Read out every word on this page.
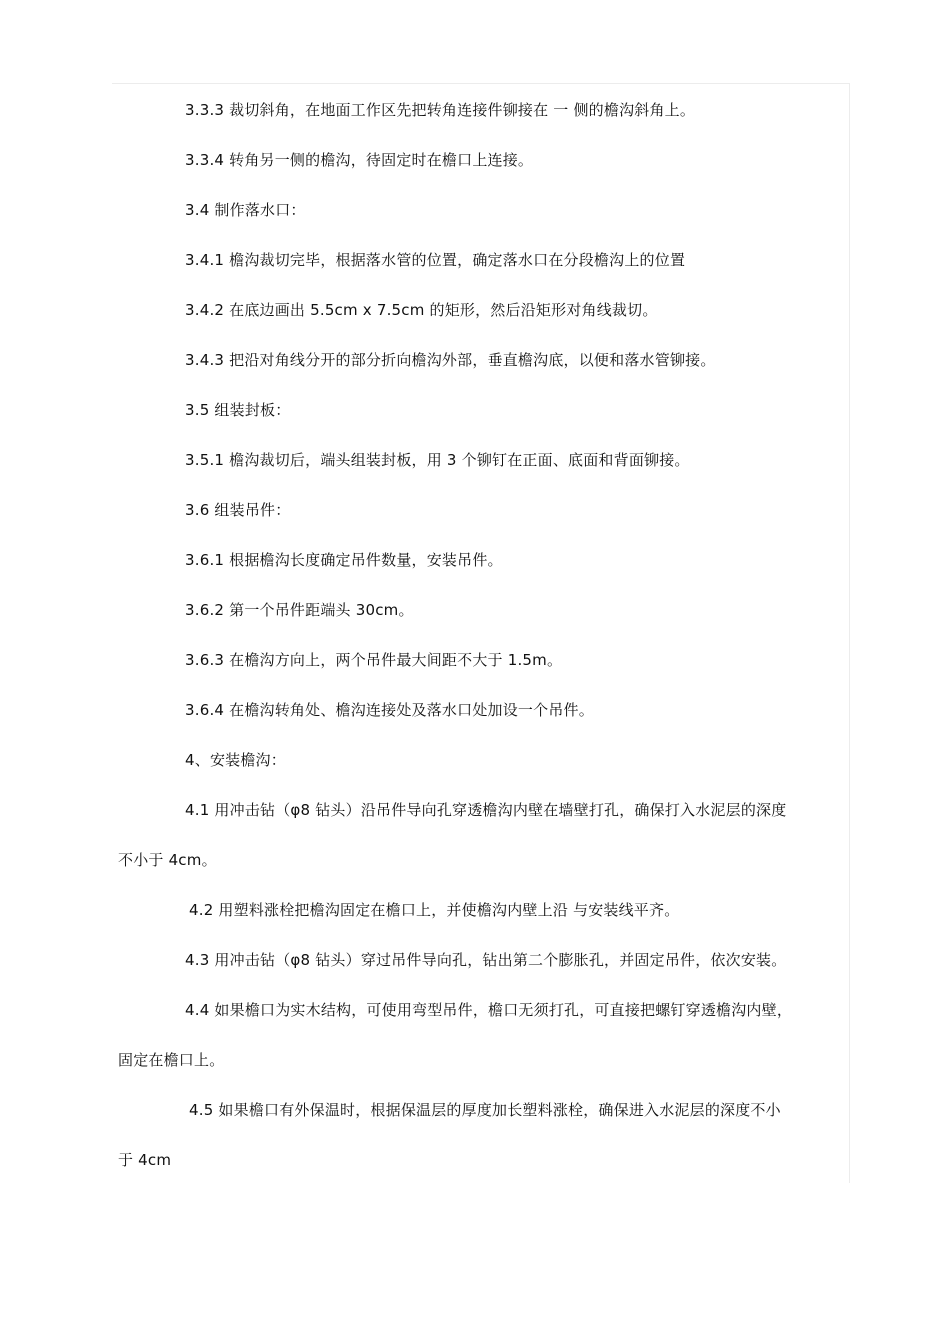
3.3.3 裁切斜角，在地面工作区先把转角连接件铆接在 一 侧的檐沟斜角上。
3.3.4 转角另一侧的檐沟，待固定时在檐口上连接。
3.4 制作落水口：
3.4.1 檐沟裁切完毕，根据落水管的位置，确定落水口在分段檐沟上的位置
3.4.2 在底边画出 5.5cm x 7.5cm 的矩形，然后沿矩形对角线裁切。
3.4.3 把沿对角线分开的部分折向檐沟外部，垂直檐沟底，以便和落水管铆接。
3.5 组装封板：
3.5.1 檐沟裁切后，端头组装封板，用 3 个铆钉在正面、底面和背面铆接。
3.6 组装吊件：
3.6.1 根据檐沟长度确定吊件数量，安装吊件。
3.6.2 第一个吊件距端头 30cm。
3.6.3 在檐沟方向上，两个吊件最大间距不大于 1.5m。
3.6.4 在檐沟转角处、檐沟连接处及落水口处加设一个吊件。
4、安装檐沟：
4.1 用冲击钻（φ8 钻头）沿吊件导向孔穿透檐沟内壁在墙壁打孔，确保打入水泥层的深度
不小于 4cm。
4.2 用塑料涨栓把檐沟固定在檐口上，并使檐沟内壁上沿 与安装线平齐。
4.3 用冲击钻（φ8 钻头）穿过吊件导向孔，钻出第二个膨胀孔，并固定吊件，依次安装。
4.4 如果檐口为实木结构，可使用弯型吊件，檐口无须打孔，可直接把螺钉穿透檐沟内壁，
固定在檐口上。
4.5 如果檐口有外保温时，根据保温层的厚度加长塑料涨栓，确保进入水泥层的深度不小
于 4cm
